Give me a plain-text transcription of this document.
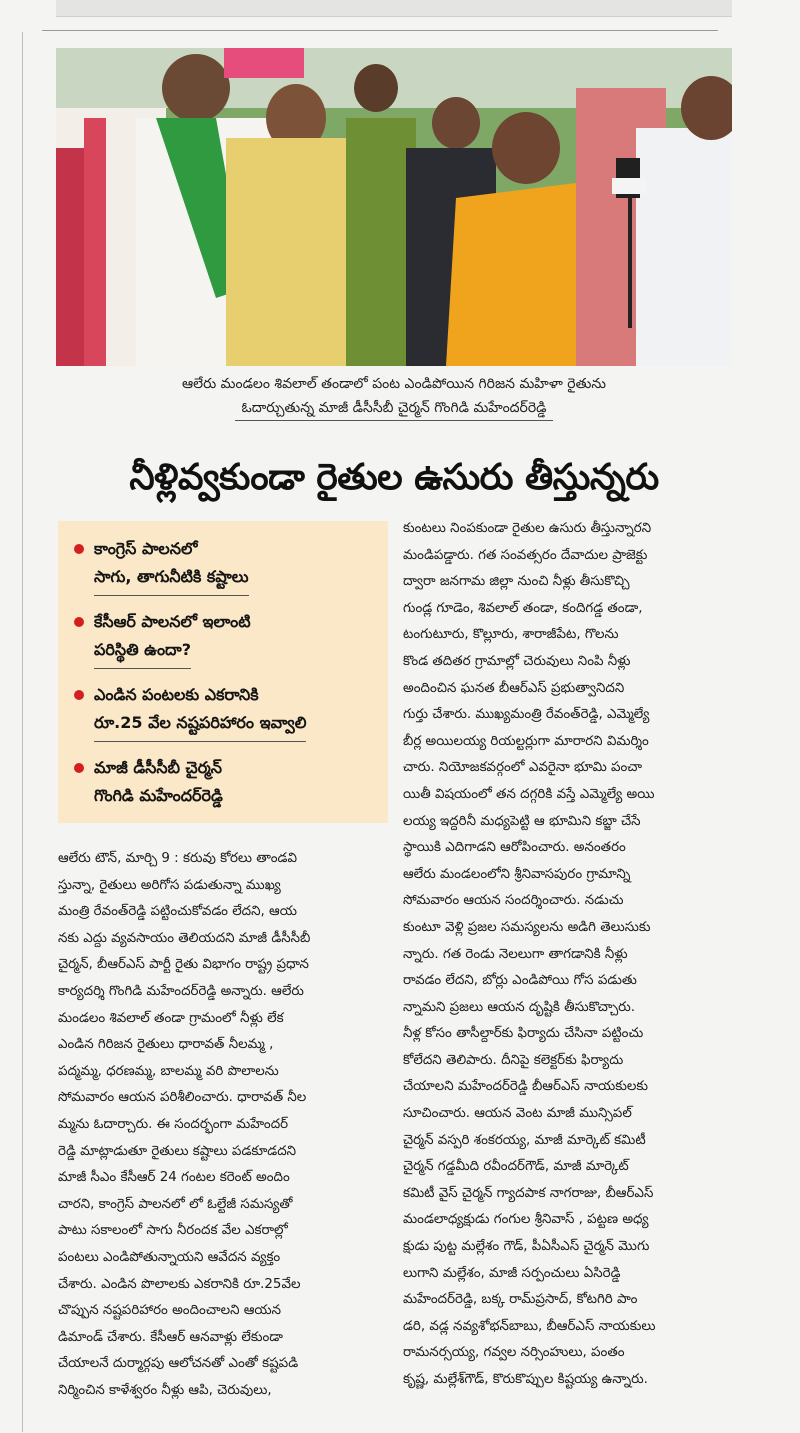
ఆలేరు మండలం శివలాల్ తండాలో పంట ఎండిపోయిన గిరిజన మహిళా రైతును
ఓదార్చుతున్న మాజీ డీసీసీబీ చైర్మన్ గొంగిడి మహేందర్‌రెడ్డి
నీళ్లివ్వకుండా రైతుల ఉసురు తీస్తున్నరు
కాంగ్రెస్ పాలనలో
సాగు, తాగునీటికి కష్టాలు
కేసీఆర్ పాలనలో ఇలాంటి
పరిస్థితి ఉందా?
ఎండిన పంటలకు ఎకరానికి
రూ.25 వేల నష్టపరిహారం ఇవ్వాలి
మాజీ డీసీసీబీ చైర్మన్
గొంగిడి మహేందర్‌రెడ్డి
ఆలేరు టౌన్, మార్చి 9 : కరువు కోరలు తాండవి
స్తున్నా, రైతులు అరిగోస పడుతున్నా ముఖ్య
మంత్రి రేవంత్‌రెడ్డి పట్టించుకోవడం లేదని, ఆయ
నకు ఎద్దు వ్యవసాయం తెలియదని మాజీ డీసీసీబీ
చైర్మన్, బీఆర్ఎస్ పార్టీ రైతు విభాగం రాష్ట్ర ప్రధాన
కార్యదర్శి గొంగిడి మహేందర్‌రెడ్డి అన్నారు. ఆలేరు
మండలం శివలాల్ తండా గ్రామంలో నీళ్లు లేక
ఎండిన గిరిజన రైతులు ధారావత్ నీలమ్మ ,
పద్మమ్మ, ధరణమ్మ, బాలమ్మ వరి పొలాలను
సోమవారం ఆయన పరిశీలించారు. ధారావత్ నీల
మ్మను ఓదార్చారు. ఈ సందర్భంగా మహేందర్
రెడ్డి మాట్లాడుతూ రైతులు కష్టాలు పడకూడదని
మాజీ సీఎం కేసీఆర్ 24 గంటల కరెంట్ అందిం
చారని, కాంగ్రెస్ పాలనలో లో ఓల్టేజీ సమస్యతో
పాటు సకాలంలో సాగు నీరందక వేల ఎకరాల్లో
పంటలు ఎండిపోతున్నాయని ఆవేదన వ్యక్తం
చేశారు. ఎండిన పొలాలకు ఎకరానికి రూ.25వేల
చొప్పున నష్టపరిహారం అందించాలని ఆయన
డిమాండ్ చేశారు. కేసీఆర్ ఆనవాళ్లు లేకుండా
చేయాలనే దుర్మార్గపు ఆలోచనతో ఎంతో కష్టపడి
నిర్మించిన కాళేశ్వరం నీళ్లు ఆపి, చెరువులు,
కుంటలు నింపకుండా రైతుల ఉసురు తీస్తున్నారని
మండిపడ్డారు. గత సంవత్సరం దేవాదుల ప్రాజెక్టు
ద్వారా జనగామ జిల్లా నుంచి నీళ్లు తీసుకొచ్చి
గుండ్ల గూడెం, శివలాల్ తండా, కందిగడ్డ తండా,
టంగుటూరు, కొల్లూరు, శారాజీపేట, గొలను
కొండ తదితర గ్రామాల్లో చెరువులు నింపి నీళ్లు
అందించిన ఘనత బీఆర్ఎస్ ప్రభుత్వానిదని
గుర్తు చేశారు. ముఖ్యమంత్రి రేవంత్‌రెడ్డి, ఎమ్మెల్యే
బీర్ల అయిలయ్య రియల్టర్లుగా మారారని విమర్శిం
చారు. నియోజకవర్గంలో ఎవరైనా భూమి పంచా
యితీ విషయంలో తన దగ్గరికి వస్తే ఎమ్మెల్యే అయి
లయ్య ఇద్దరినీ మధ్యపెట్టి ఆ భూమిని కబ్జా చేసే
స్థాయికి ఎదిగాడని ఆరోపించారు. అనంతరం
ఆలేరు మండలంలోని శ్రీనివాసపురం గ్రామాన్ని
సోమవారం ఆయన సందర్శించారు. నడుచు
కుంటూ వెళ్లి ప్రజల సమస్యలను అడిగి తెలుసుకు
న్నారు. గత రెండు నెలలుగా తాగడానికి నీళ్లు
రావడం లేదని, బోర్లు ఎండిపోయి గోస పడుతు
న్నామని ప్రజలు ఆయన దృష్టికి తీసుకొచ్చారు.
నీళ్ల కోసం తాసీల్దార్‌కు ఫిర్యాదు చేసినా పట్టించు
కోలేదని తెలిపారు. దీనిపై కలెక్టర్‌కు ఫిర్యాదు
చేయాలని మహేందర్‌రెడ్డి బీఆర్ఎస్ నాయకులకు
సూచించారు. ఆయన వెంట మాజీ మున్సిపల్
చైర్మన్ వస్పరి శంకరయ్య, మాజీ మార్కెట్ కమిటీ
చైర్మన్ గడ్డమీది రవీందర్‌గౌడ్, మాజీ మార్కెట్
కమిటీ వైస్ చైర్మన్ గ్యాదపాక నాగరాజు, బీఆర్ఎస్
మండలాధ్యక్షుడు గంగుల శ్రీనివాస్ , పట్టణ అధ్య
క్షుడు పుట్ట మల్లేశం గౌడ్, పీఏసీఎస్ చైర్మన్ మొగు
లుగాని మల్లేశం, మాజీ సర్పంచులు ఏసిరెడ్డి
మహేందర్‌రెడ్డి, బక్క రామ్‌ప్రసాద్, కోటగిరి పాం
డరి, వడ్ల నవ్యశోభన్‌బాబు, బీఆర్ఎస్ నాయకులు
రామనర్సయ్య, గవ్వల నర్సింహులు, పంతం
కృష్ణ, మల్లేశ్‌గౌడ్, కొరుకొప్పుల కిష్టయ్య ఉన్నారు.
